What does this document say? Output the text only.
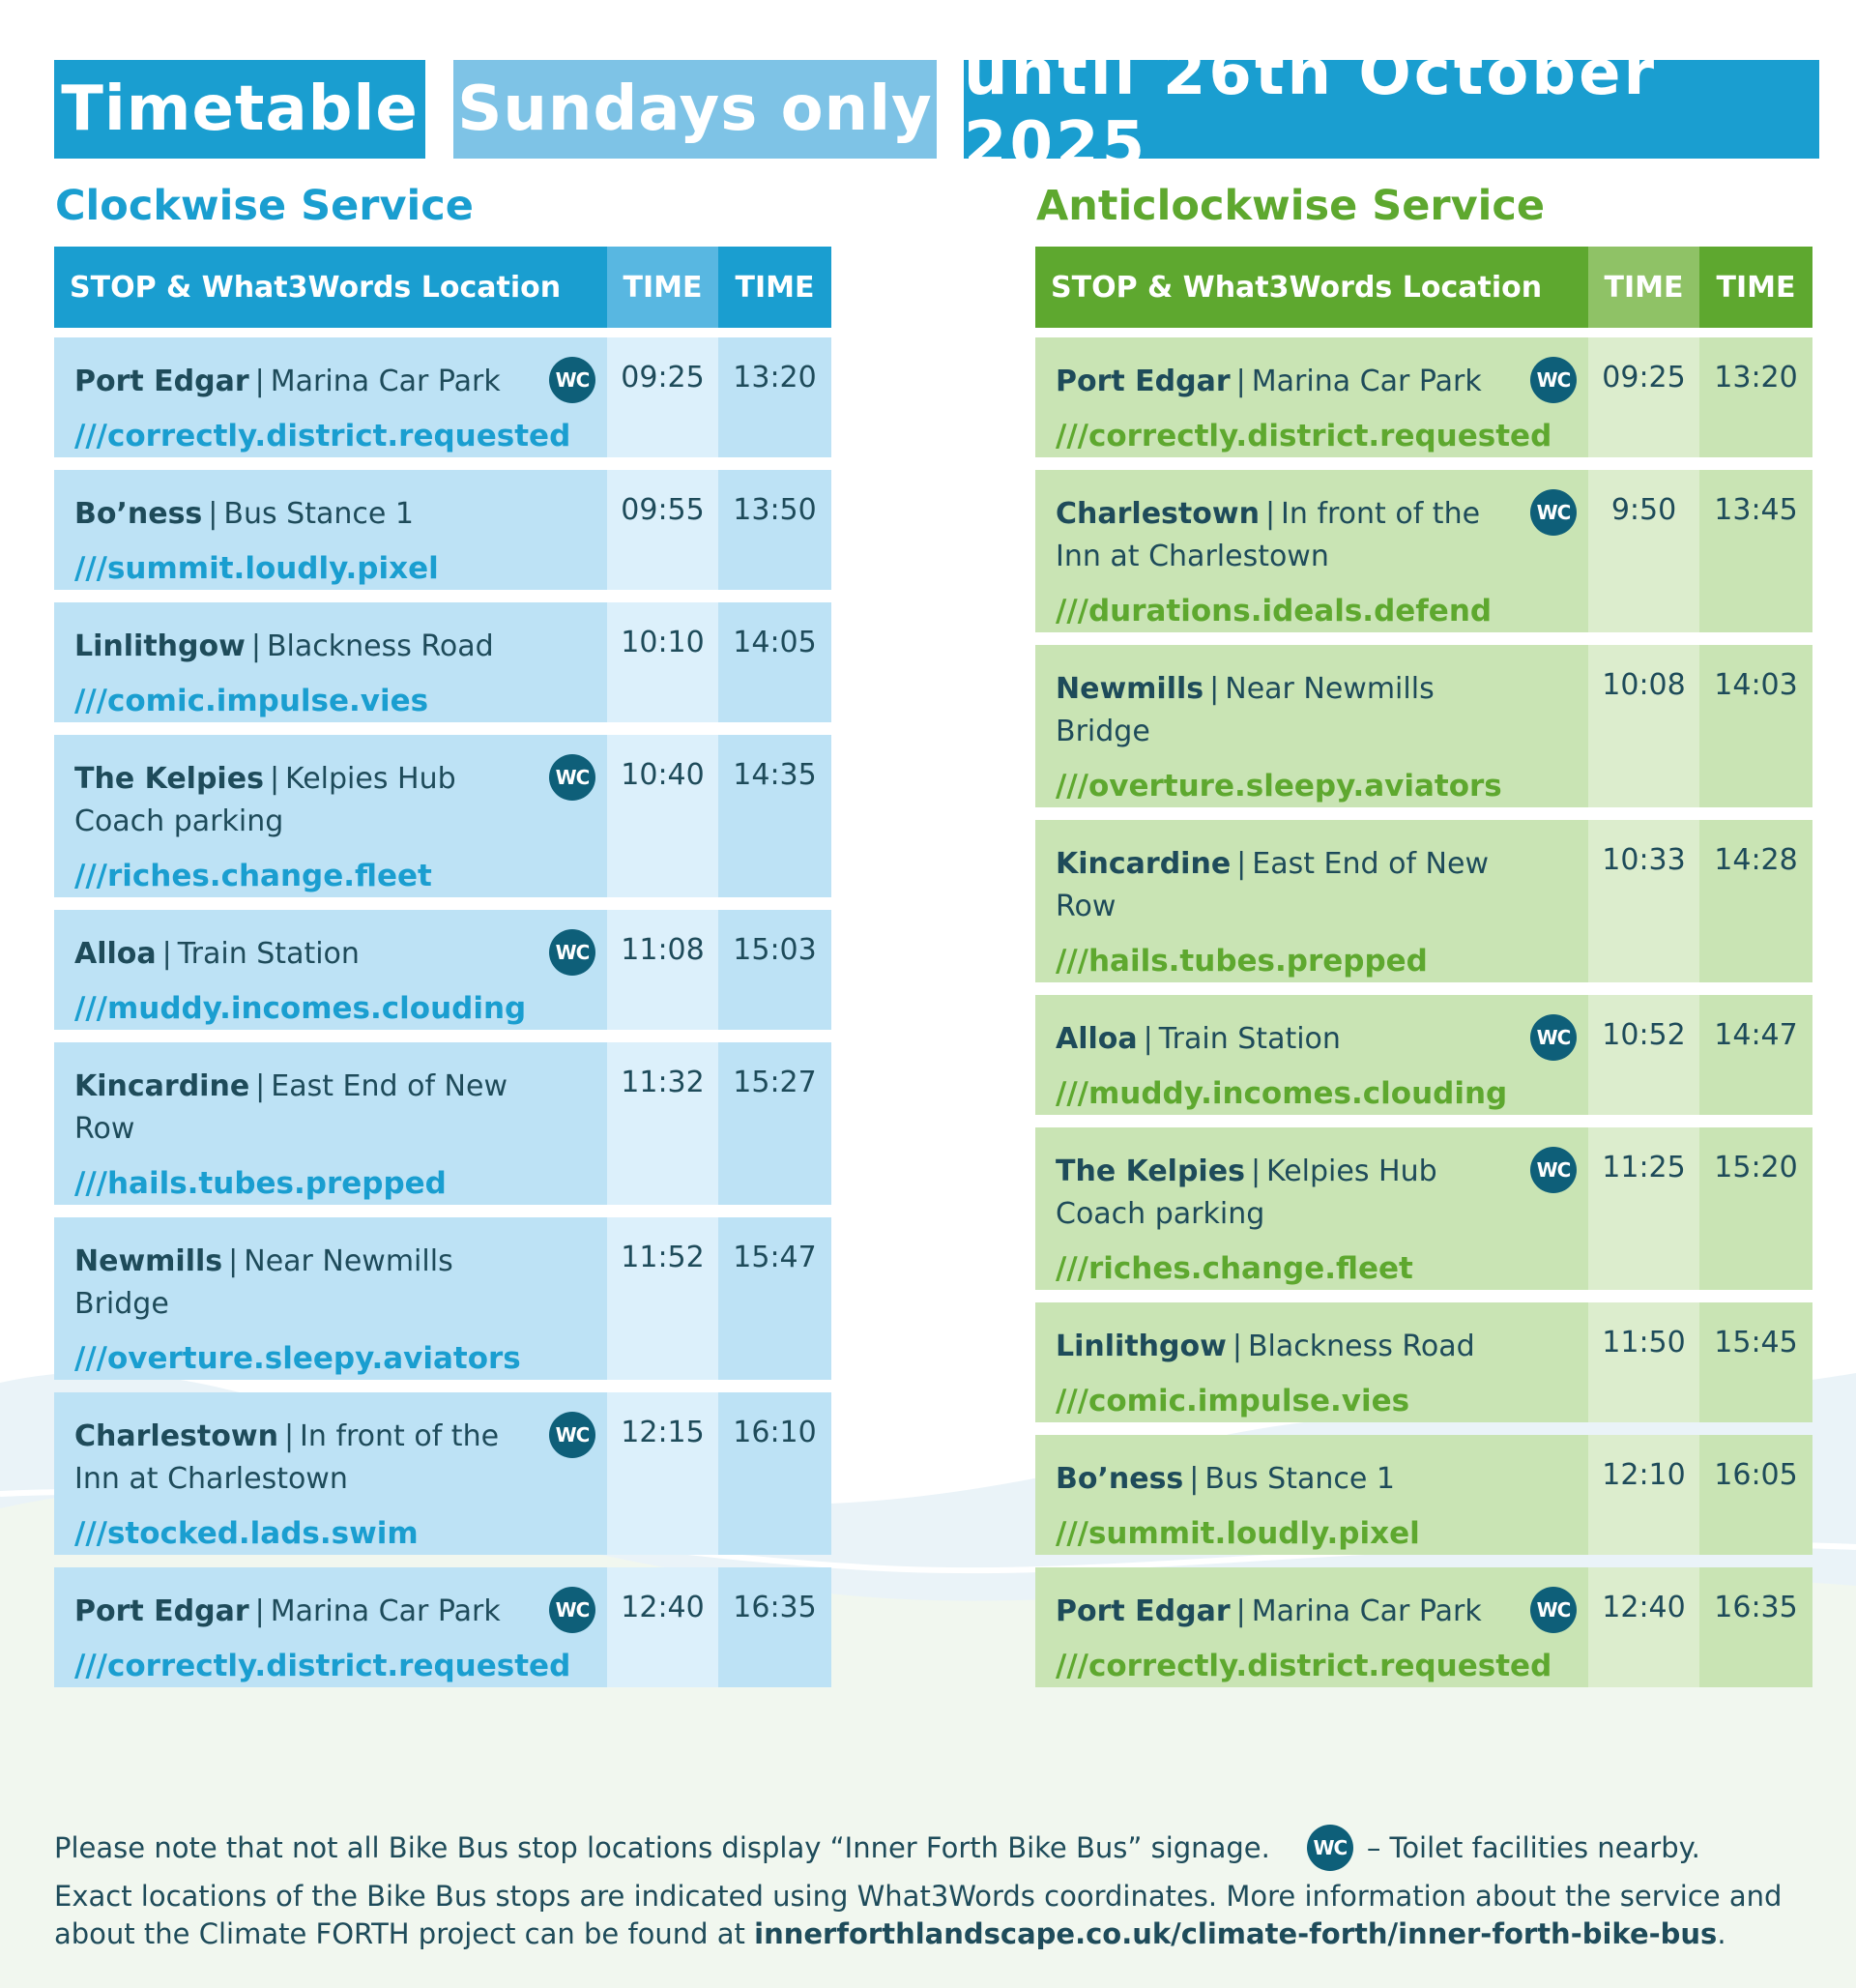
Timetable Sundays only until 26th October 2025
Clockwise Service	Anticlockwise Service
STOP & What3Words Location	TIME	TIME
Port Edgar | Marina Car Park
///correctly.district.requested
WC	09:25 13:20
Bo’ness | Bus Stance 1
///summit.loudly.pixel
09:55 13:50
Linlithgow | Blackness Road
///comic.impulse.vies
10:10 14:05
The Kelpies | Kelpies Hub Coach parking
///riches.change.fleet
WC	10:40 14:35
Alloa | Train Station
///muddy.incomes.clouding
WC	11:08 15:03
Kincardine | East End of New Row
///hails.tubes.prepped
11:32 15:27
Newmills | Near Newmills Bridge
///overture.sleepy.aviators
11:52 15:47
Charlestown | In front of the Inn at Charlestown
///stocked.lads.swim
WC	12:15 16:10
Port Edgar | Marina Car Park
///correctly.district.requested
WC	12:40 16:35
STOP & What3Words Location	TIME	TIME
Port Edgar | Marina Car Park
///correctly.district.requested
WC	09:25 13:20
Charlestown | In front of the Inn at Charlestown
///durations.ideals.defend
WC	9:50	13:45
Newmills | Near Newmills Bridge
///overture.sleepy.aviators
10:08 14:03
Kincardine | East End of New Row
///hails.tubes.prepped
10:33 14:28
Alloa | Train Station
///muddy.incomes.clouding
WC	10:52 14:47
The Kelpies | Kelpies Hub Coach parking
///riches.change.fleet
WC	11:25 15:20
Linlithgow | Blackness Road
///comic.impulse.vies
11:50 15:45
Bo’ness | Bus Stance 1
///summit.loudly.pixel
12:10 16:05
Port Edgar | Marina Car Park
///correctly.district.requested
WC	12:40 16:35
Please note that not all Bike Bus stop locations display “Inner Forth Bike Bus” signage.	WC – Toilet facilities nearby.
Exact locations of the Bike Bus stops are indicated using What3Words coordinates. More information about the service and about the Climate FORTH project can be found at innerforthlandscape.co.uk/climate-forth/inner-forth-bike-bus.
